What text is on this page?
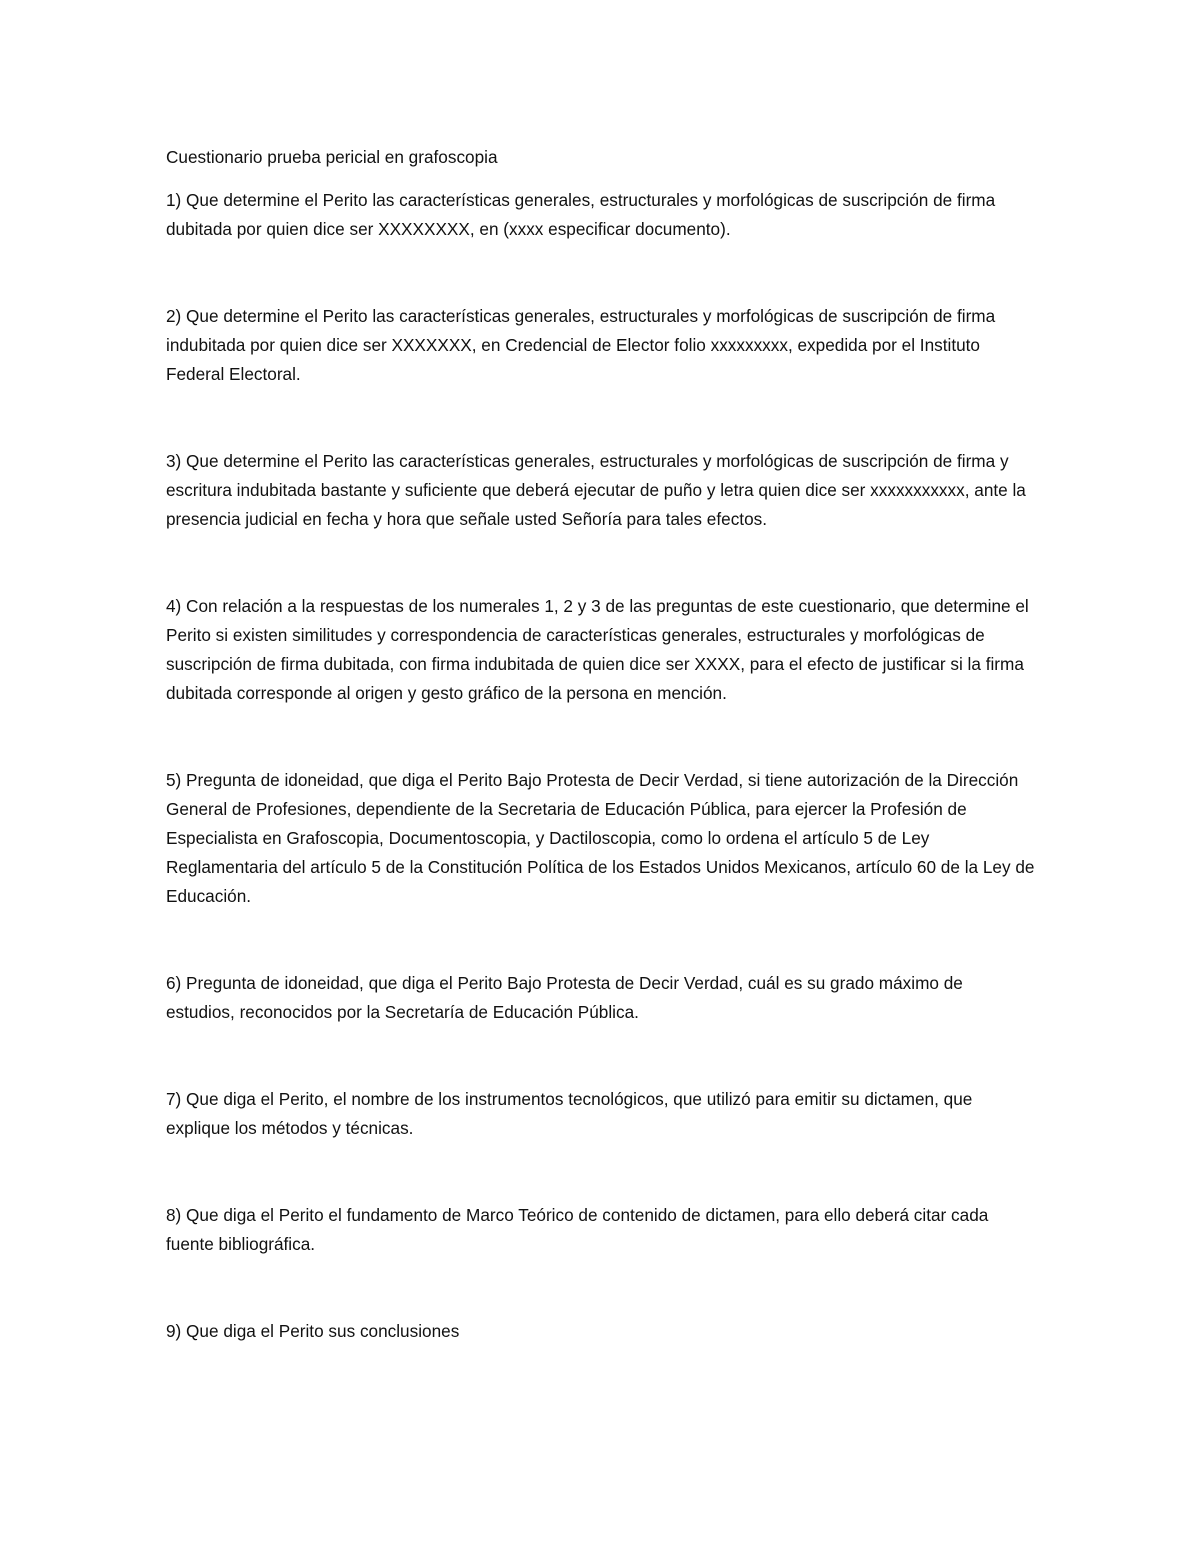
Cuestionario prueba pericial en grafoscopia

1) Que determine el Perito las características generales, estructurales y morfológicas de suscripción de firma dubitada por quien dice ser XXXXXXXX, en (xxxx especificar documento).

2) Que determine el Perito las características generales, estructurales y morfológicas de suscripción de firma indubitada por quien dice ser XXXXXXX, en Credencial de Elector folio xxxxxxxxx, expedida por el Instituto Federal Electoral.

3) Que determine el Perito las características generales, estructurales y morfológicas de suscripción de firma y escritura indubitada bastante y suficiente que deberá ejecutar de puño y letra quien dice ser xxxxxxxxxxx, ante la presencia judicial en fecha y hora que señale usted Señoría para tales efectos.

4) Con relación a la respuestas de los numerales 1, 2 y 3 de las preguntas de este cuestionario, que determine el Perito si existen similitudes y correspondencia de características generales, estructurales y morfológicas de suscripción de firma dubitada, con firma indubitada de quien dice ser XXXX, para el efecto de justificar si la firma dubitada corresponde al origen y gesto gráfico de la persona en mención.

5) Pregunta de idoneidad, que diga el Perito Bajo Protesta de Decir Verdad, si tiene autorización de la Dirección General de Profesiones, dependiente de la Secretaria de Educación Pública, para ejercer la Profesión de Especialista en Grafoscopia, Documentoscopia, y Dactiloscopia, como lo ordena el artículo 5 de Ley Reglamentaria del artículo 5 de la Constitución Política de los Estados Unidos Mexicanos, artículo 60 de la Ley de Educación.

6) Pregunta de idoneidad, que diga el Perito Bajo Protesta de Decir Verdad, cuál es su grado máximo de estudios, reconocidos por la Secretaría de Educación Pública.

7) Que diga el Perito, el nombre de los instrumentos tecnológicos, que utilizó para emitir su dictamen, que explique los métodos y técnicas.

8) Que diga el Perito el fundamento de Marco Teórico de contenido de dictamen, para ello deberá citar cada fuente bibliográfica.

9) Que diga el Perito sus conclusiones
